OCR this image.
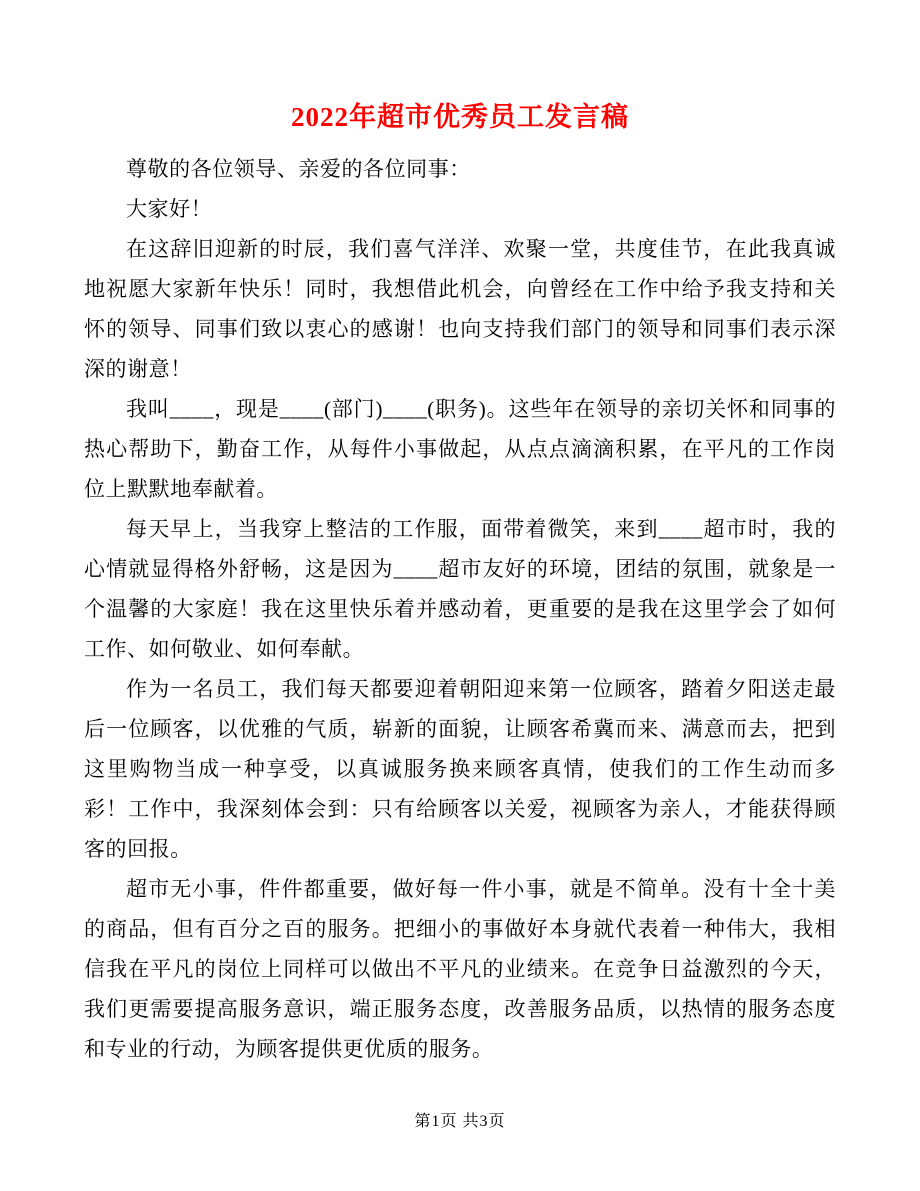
2022年超市优秀员工发言稿

尊敬的各位领导、亲爱的各位同事：

大家好！

在这辞旧迎新的时辰，我们喜气洋洋、欢聚一堂，共度佳节，在此我真诚地祝愿大家新年快乐！同时，我想借此机会，向曾经在工作中给予我支持和关怀的领导、同事们致以衷心的感谢！也向支持我们部门的领导和同事们表示深深的谢意！

我叫____，现是____(部门)____(职务)。这些年在领导的亲切关怀和同事的热心帮助下，勤奋工作，从每件小事做起，从点点滴滴积累，在平凡的工作岗位上默默地奉献着。

每天早上，当我穿上整洁的工作服，面带着微笑，来到____超市时，我的心情就显得格外舒畅，这是因为____超市友好的环境，团结的氛围，就象是一个温馨的大家庭！我在这里快乐着并感动着，更重要的是我在这里学会了如何工作、如何敬业、如何奉献。

作为一名员工，我们每天都要迎着朝阳迎来第一位顾客，踏着夕阳送走最后一位顾客，以优雅的气质，崭新的面貌，让顾客希冀而来、满意而去，把到这里购物当成一种享受，以真诚服务换来顾客真情，使我们的工作生动而多彩！工作中，我深刻体会到：只有给顾客以关爱，视顾客为亲人，才能获得顾客的回报。

超市无小事，件件都重要，做好每一件小事，就是不简单。没有十全十美的商品，但有百分之百的服务。把细小的事做好本身就代表着一种伟大，我相信我在平凡的岗位上同样可以做出不平凡的业绩来。在竞争日益激烈的今天，我们更需要提高服务意识，端正服务态度，改善服务品质，以热情的服务态度和专业的行动，为顾客提供更优质的服务。

第1页 共3页
